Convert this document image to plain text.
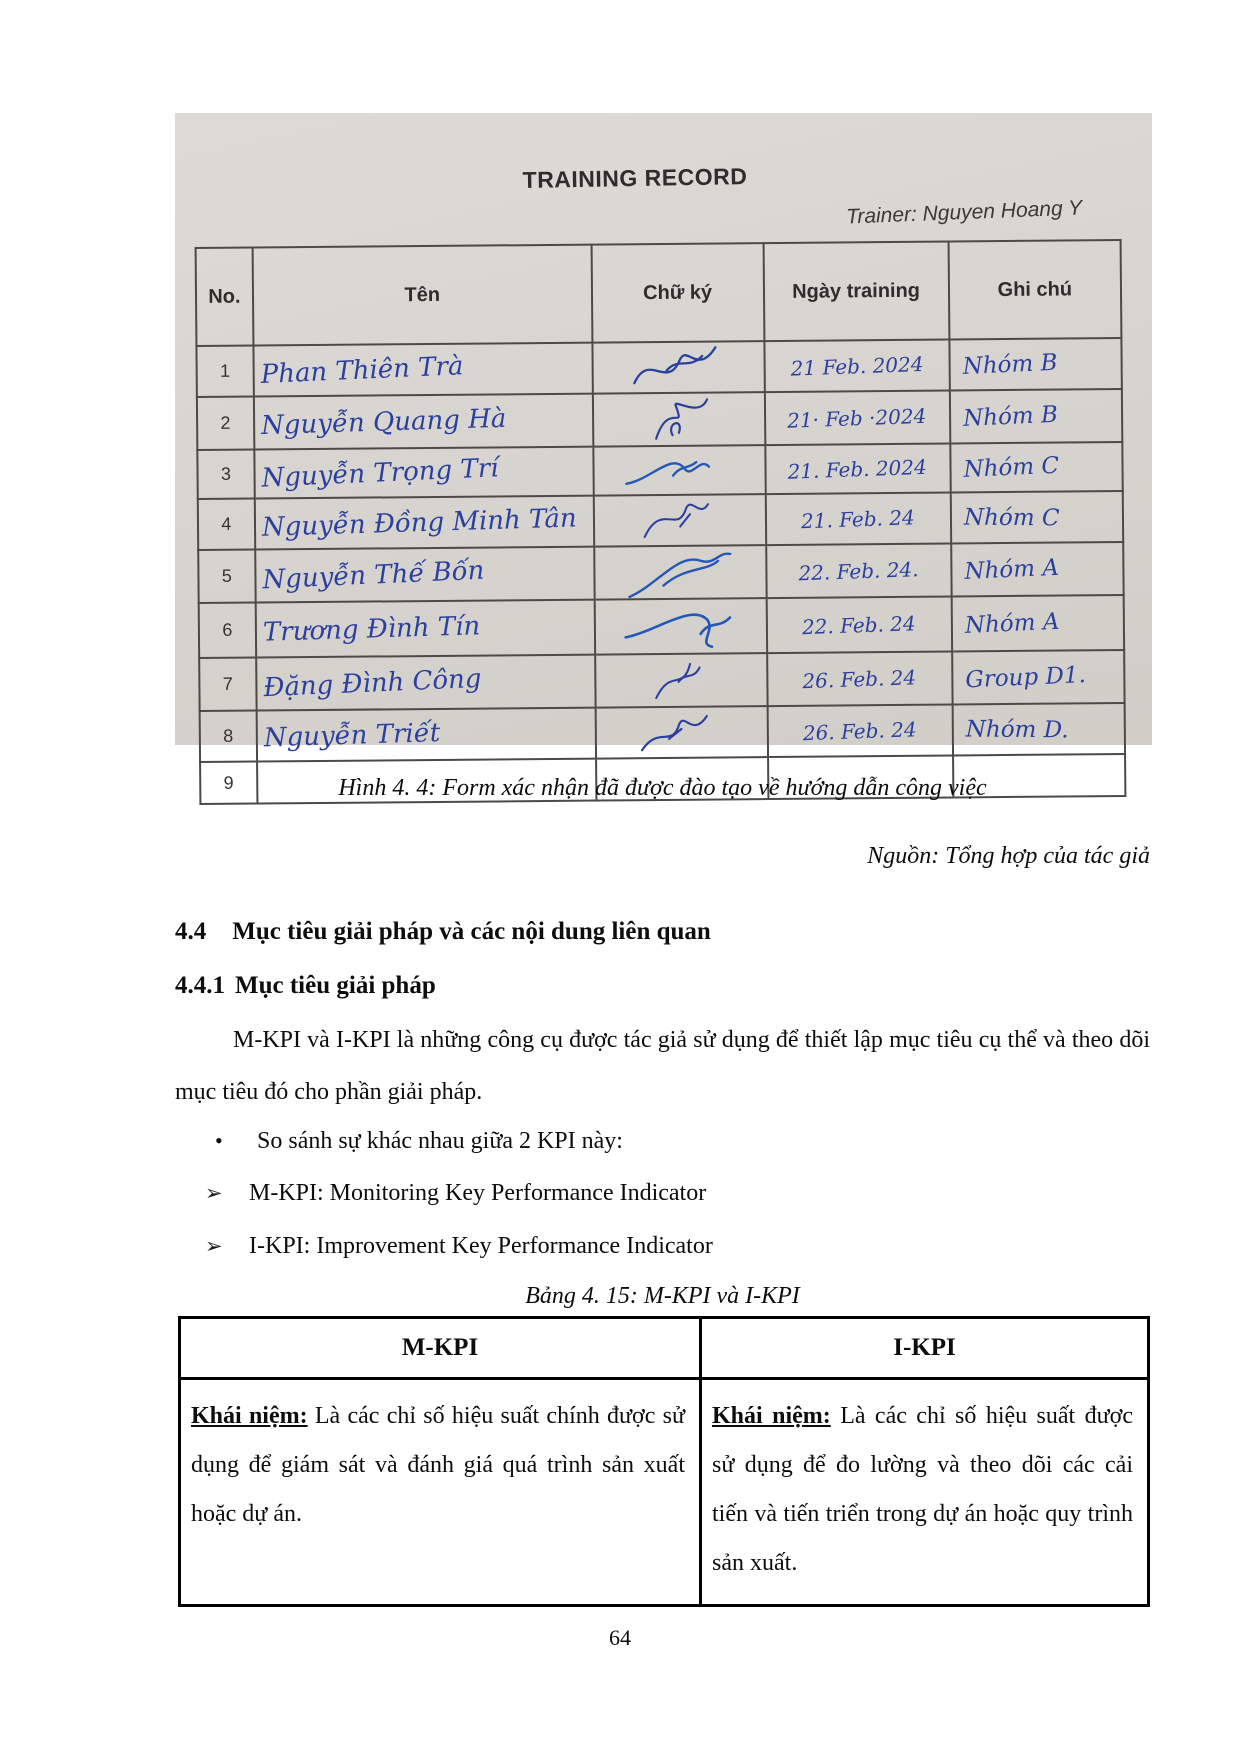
TRAINING RECORD
Trainer: Nguyen Hoang Y
No.	Tên	Chữ ký	Ngày training	Ghi chú
1	Phan Thiên Trà		21 Feb. 2024	Nhóm B
2	Nguyễn Quang Hà		21· Feb ·2024	Nhóm B
3	Nguyễn Trọng Trí		21. Feb. 2024	Nhóm C
4	Nguyễn Đồng Minh Tân		21. Feb. 24	Nhóm C
5	Nguyễn Thế Bốn		22. Feb. 24.	Nhóm A
6	Trương Đình Tín		22. Feb. 24	Nhóm A
7	Đặng Đình Công		26. Feb. 24	Group D1.
8	Nguyễn Triết		26. Feb. 24	Nhóm D.
9					Hình 4. 4: Form xác nhận đã được đào tạo về hướng dẫn công việc
Nguồn: Tổng hợp của tác giả
4.4 Mục tiêu giải pháp và các nội dung liên quan
4.4.1 Mục tiêu giải pháp
M-KPI và I-KPI là những công cụ được tác giả sử dụng để thiết lập mục tiêu cụ thể và theo dõi mục tiêu đó cho phần giải pháp.
• So sánh sự khác nhau giữa 2 KPI này:
➢ M-KPI: Monitoring Key Performance Indicator
➢ I-KPI: Improvement Key Performance Indicator
Bảng 4. 15: M-KPI và I-KPI
M-KPI	I-KPI
Khái niệm: Là các chỉ số hiệu suất chính được sử dụng để giám sát và đánh giá quá trình sản xuất hoặc dự án.	Khái niệm: Là các chỉ số hiệu suất được sử dụng để đo lường và theo dõi các cải tiến và tiến triển trong dự án hoặc quy trình sản xuất.
64
